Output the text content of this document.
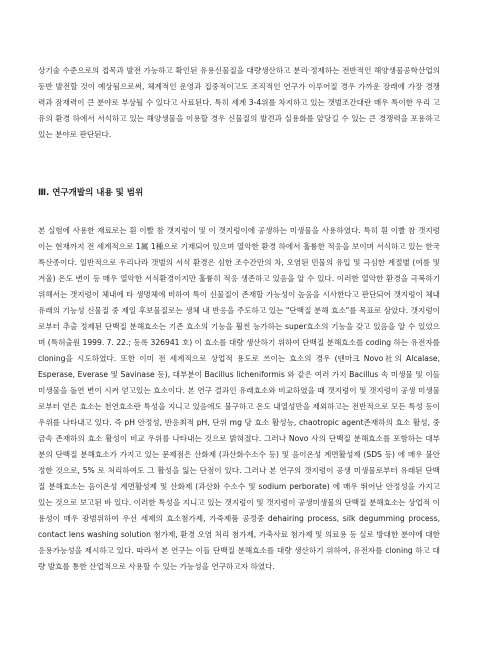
상기술 수준으로의 접목과 발전 가능하고 확인된 유용신물질을 대량생산하고 분리·정제하는 전반적인 해양생물공학산업의 동반 발전할 것이 예상됨으로써, 체계적인 운영과 집중적이고도 조직적인 연구가 이루어질 경우 가까운 장래에 가장 경쟁력과 잠재력이 큰 분야로 부상될 수 있다고 사료된다. 특히 세계 3-4위를 차지하고 있는 갯벌조간대란 매우 특이한 우리 고유의 환경 하에서 서식하고 있는 해양생물을 이용할 경우 신물질의 발견과 실용화를 앞당길 수 있는 큰 경쟁력을 포용하고 있는 분야로 판단된다.

Ⅲ. 연구개발의 내용 및 범위

본 실험에 사용한 재료로는 흰 이빨 참 갯지렁이 및 이 갯지렁이에 공생하는 미생물을 사용하였다. 특히 흰 이빨 참 갯지렁이는 현재까지 전 세계적으로 1属 1種으로 기재되어 있으며 열악한 환경 하에서 훌륭한 적응을 보이며 서식하고 있는 한국 특산종이다. 일반적으로 우리나라 갯벌의 서식 환경은 심한 조수간만의 차, 오염된 민물의 유입 및 극심한 계절별 (여름 및 겨울) 온도 변이 등 매우 열악한 서식환경이지만 훌륭히 적응 생존하고 있음을 알 수 있다. 이러한 열악한 환경을 극복하기 위해서는 갯지렁이 체내에 타 생명체에 비하여 특이 신물질이 존재할 가능성이 높음을 시사한다고 판단되어 갯지렁이 체내 유래의 기능성 신물질 중 제일 후보물질로는 생체 내 반응을 주도하고 있는 "단백질 분해 효소"를 목표로 삼았다. 갯지렁이로부터 추출 정제된 단백질 분해효소는 기존 효소의 기능을 훨씬 능가하는 super효소의 기능을 갖고 있음을 알 수 있었으며 (특허출원 1999. 7. 22.; 등록 326941 호) 이 효소를 대량 생산하기 위하여 단백질 분해효소를 coding 하는 유전자를 cloning을 시도하였다. 또한 이미 전 세계적으로 상업적 용도로 쓰이는 효소의 경우 (덴마크 Novo社의 Alcalase, Esperase, Everase 및 Savinase 등), 대부분이 Bacillus licheniformis 와 같은 여러 가지 Bacillus 속 미생물 및 이들 미생물을 돌연 변이 시켜 얻고있는 효소이다. 본 연구 결과인 유래효소와 비교하였을 때 갯지렁이 및 갯지렁이 공생 미생물로부터 얻은 효소는 천연효소란 특성을 지니고 있음에도 불구하고 온도 내열성만을 제외하고는 전반적으로 모든 특성 등이 우위를 나타내고 있다. 즉 pH 안정성, 반응최적 pH, 단위 mg 당 효소 활성능, chaotropic agent존재하의 효소 활성, 중금속 존재하의 효소 활성이 비교 우위를 나타내는 것으로 밝혀졌다. 그러나 Novo 사의 단백질 분해효소를 포함하는 대부분의 단백질 분해효소가 가지고 있는 문제점은 산화제 (과산화수소수 등) 및 음이온성 계면활성제 (SDS 등) 에 매우 불안정한 것으로, 5% 로 처리하여도 그 활성을 잃는 단점이 있다. 그러나 본 연구의 갯지렁이 공생 미생물로부터 유래된 단백질 분해효소는 음이온성 계면활성제 및 산화제 (과산화 수소수 및 sodium perborate) 에 매우 뛰어난 안정성을 가지고 있는 것으로 보고된 바 있다. 이러한 특성을 지니고 있는 갯지렁이 및 갯지렁이 공생미생물의 단백질 분해효소는 상업적 이용성이 매우 광범위하여 우선 세제의 효소첨가제, 가죽제품 공정중 dehairing process, silk degumming process, contact lens washing solution 첨가제, 환경 오염 처리 첨가제, 가축사료 첨가제 및 의료용 등 실로 방대한 분야에 대한 응용가능성을 제시하고 있다. 따라서 본 연구는 이들 단백질 분해효소를 대량 생산하기 위하여, 유전자를 cloning 하고 대량 발효를 통한 산업적으로 사용할 수 있는 가능성을 연구하고자 하였다.
